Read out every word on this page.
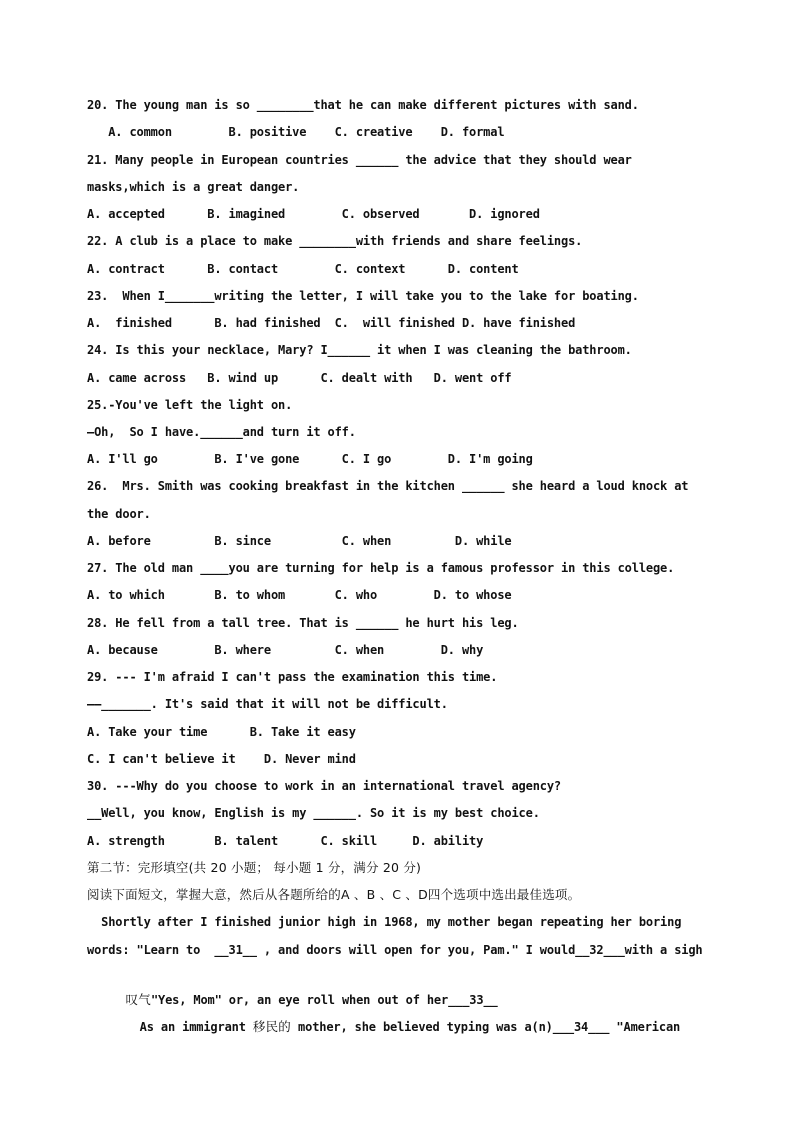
20. The young man is so ________that he can make different pictures with sand.
A. common        B. positive    C. creative    D. formal
21. Many people in European countries ______ the advice that they should wear
masks,which is a great danger.
A. accepted      B. imagined        C. observed       D. ignored
22. A club is a place to make ________with friends and share feelings.
A. contract      B. contact        C. context      D. content
23.  When I_______writing the letter, I will take you to the lake for boating.
A.  finished      B. had finished  C.  will finished D. have finished
24. Is this your necklace, Mary? I______ it when I was cleaning the bathroom.
A. came across   B. wind up      C. dealt with   D. went off
25.-You've left the light on.
—Oh,  So I have.______and turn it off.
A. I'll go        B. I've gone      C. I go        D. I'm going
26.  Mrs. Smith was cooking breakfast in the kitchen ______ she heard a loud knock at
the door.
A. before         B. since          C. when         D. while
27. The old man ____you are turning for help is a famous professor in this college.
A. to which       B. to whom       C. who        D. to whose
28. He fell from a tall tree. That is ______ he hurt his leg.
A. because        B. where         C. when        D. why
29. --- I'm afraid I can't pass the examination this time.
——_______. It's said that it will not be difficult.
A. Take your time      B. Take it easy
C. I can't believe it    D. Never mind
30. ---Why do you choose to work in an international travel agency?
__Well, you know, English is my ______. So it is my best choice.
A. strength       B. talent      C. skill     D. ability
第二节：完形填空(共 20 小题； 每小题 1 分，满分 20 分)
阅读下面短文，掌握大意，然后从各题所给的A 、B 、C 、D四个选项中选出最佳选项。
Shortly after I finished junior high in 1968, my mother began repeating her boring
words: "Learn to  __31__ , and doors will open for you, Pam." I would__32___with a sigh

叹气"Yes, Mom" or, an eye roll when out of her___33__

As an immigrant 移民的 mother, she believed typing was a(n)___34___ "American
